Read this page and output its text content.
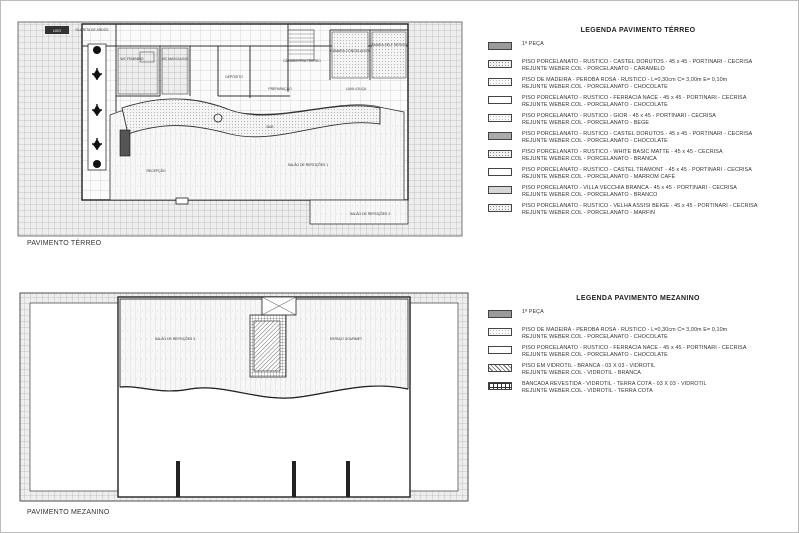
LIXO	GUARITA DE ARDÓS
WC FEMININO	WC MASCULINO
DEPÓSITO
CÂMARA FRIA TÉRREO
CÂMARA CONGELADOS
CÂMARA SELF SERVICE
PREPARAÇÃO	LAVA LOUÇA
BAR
RECEPÇÃO
SALÃO DE REFEIÇÕES 1
SALÃO DE REFEIÇÕES 2
PAVIMENTO TÉRREO
SALÃO DE REFEIÇÕES 3	ESPAÇO GOURMET
PAVIMENTO MEZANINO
LEGENDA PAVIMENTO TÉRREO
1ª PEÇA
PISO PORCELANATO - RUSTICO - CASTEL DORUTOS - 45 x 45 - PORTINARI - CECRISA
REJUNTE WEBER.COL - PORCELANATO - CARAMELO
PISO DE MADEIRA - PEROBA ROSA - RUSTICO - L=0,30cm C= 3,00m E= 0,10m
REJUNTE WEBER.COL - PORCELANATO - CHOCOLATE
PISO PORCELANATO - RUSTICO - FERRACIA NACE - 45 x 45 - PORTINARI - CECRISA
REJUNTE WEBER.COL - PORCELANATO - CHOCOLATE
PISO PORCELANATO - RUSTICO - GIOR - 45 x 45 - PORTINARI - CECRISA
REJUNTE WEBER.COL - PORCELANATO - BEGE
PISO PORCELANATO - RUSTICO - CASTEL DORUTOS - 45 x 45 - PORTINARI - CECRISA
REJUNTE WEBER.COL - PORCELANATO - CHOCOLATE
PISO PORCELANATO - RUSTICO - WHITE BASIC MATTE - 45 x 45 - CECRISA
REJUNTE WEBER.COL - PORCELANATO - BRANCA
PISO PORCELANATO - RUSTICO - CASTEL TRAMONT - 45 x 45 - PORTINARI - CECRISA
REJUNTE WEBER.COL - PORCELANATO - MARROM CAFÉ
PISO PORCELANATO - VILLA VECCHIA BRANCA - 45 x 45 - PORTINARI - CECRISA
REJUNTE WEBER.COL - PORCELANATO - BRANCO
PISO PORCELANATO - RUSTICO - VELHA ASSISI BEIGE - 45 x 45 - PORTINARI - CECRISA
REJUNTE WEBER.COL - PORCELANATO - MARFIN
LEGENDA PAVIMENTO MEZANINO
1ª PEÇA
PISO DE MADEIRA - PEROBA ROSA - RUSTICO - L=0,30cm C= 3,00m E= 0,10m
REJUNTE WEBER.COL - PORCELANATO - CHOCOLATE
PISO PORCELANATO - RUSTICO - FERRACIA NACE - 45 x 45 - PORTINARI - CECRISA
REJUNTE WEBER.COL - PORCELANATO - CHOCOLATE
PISO EM VIDROTIL - BRANCA - 03 X 03 - VIDROTIL
REJUNTE WEBER.COL - VIDROTIL - BRANCA
BANCADA REVESTIDA - VIDROTIL - TERRA COTA - 03 X 03 - VIDROTIL
REJUNTE WEBER.COL - VIDROTIL - TERRA COTA
